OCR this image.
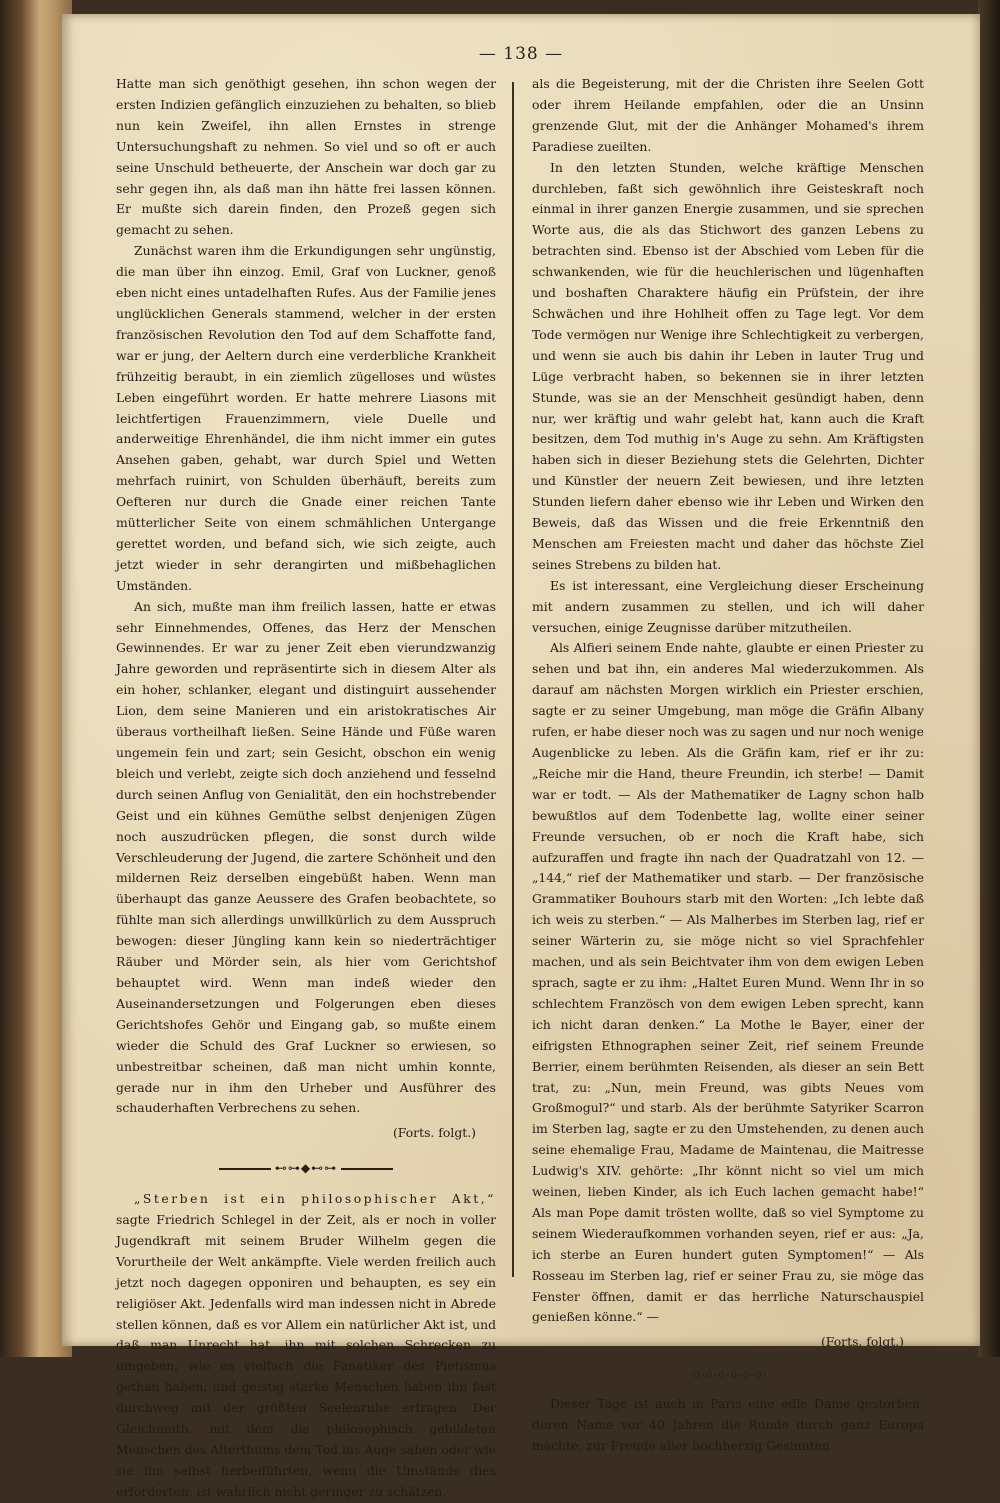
— 138 —

Hatte man sich genöthigt gesehen, ihn schon wegen der ersten Indizien gefänglich einzuziehen zu behalten, so blieb nun kein Zweifel, ihn allen Ernstes in strenge Untersuchungshaft zu nehmen. So viel und so oft er auch seine Unschuld betheuerte, der Anschein war doch gar zu sehr gegen ihn, als daß man ihn hätte frei lassen können. Er mußte sich darein finden, den Prozeß gegen sich gemacht zu sehen.

Zunächst waren ihm die Erkundigungen sehr ungünstig, die man über ihn einzog. Emil, Graf von Luckner, genoß eben nicht eines untadelhaften Rufes. Aus der Familie jenes unglücklichen Generals stammend, welcher in der ersten französischen Revolution den Tod auf dem Schaffotte fand, war er jung, der Aeltern durch eine verderbliche Krankheit frühzeitig beraubt, in ein ziemlich zügelloses und wüstes Leben eingeführt worden. Er hatte mehrere Liasons mit leichtfertigen Frauenzimmern, viele Duelle und anderweitige Ehrenhändel, die ihm nicht immer ein gutes Ansehen gaben, gehabt, war durch Spiel und Wetten mehrfach ruinirt, von Schulden überhäuft, bereits zum Oefteren nur durch die Gnade einer reichen Tante mütterlicher Seite von einem schmählichen Untergange gerettet worden, und befand sich, wie sich zeigte, auch jetzt wieder in sehr derangirten und mißbehaglichen Umständen.

An sich, mußte man ihm freilich lassen, hatte er etwas sehr Einnehmendes, Offenes, das Herz der Menschen Gewinnendes. Er war zu jener Zeit eben vierundzwanzig Jahre geworden und repräsentirte sich in diesem Alter als ein hoher, schlanker, elegant und distinguirt aussehender Lion, dem seine Manieren und ein aristokratisches Air überaus vortheilhaft ließen. Seine Hände und Füße waren ungemein fein und zart; sein Gesicht, obschon ein wenig bleich und verlebt, zeigte sich doch anziehend und fesselnd durch seinen Anflug von Genialität, den ein hochstrebender Geist und ein kühnes Gemüthe selbst denjenigen Zügen noch auszudrücken pflegen, die sonst durch wilde Verschleuderung der Jugend, die zartere Schönheit und den mildernen Reiz derselben eingebüßt haben. Wenn man überhaupt das ganze Aeussere des Grafen beobachtete, so fühlte man sich allerdings unwillkürlich zu dem Ausspruch bewogen: dieser Jüngling kann kein so niederträchtiger Räuber und Mörder sein, als hier vom Gerichtshof behauptet wird. Wenn man indeß wieder den Auseinandersetzungen und Folgerungen eben dieses Gerichtshofes Gehör und Eingang gab, so mußte einem wieder die Schuld des Graf Luckner so erwiesen, so unbestreitbar scheinen, daß man nicht umhin konnte, gerade nur in ihm den Urheber und Ausführer des schauderhaften Verbrechens zu sehen.

(Forts. folgt.)

⊷⊶◆⊷⊶

„Sterben ist ein philosophischer Akt,“ sagte Friedrich Schlegel in der Zeit, als er noch in voller Jugendkraft mit seinem Bruder Wilhelm gegen die Vorurtheile der Welt ankämpfte. Viele werden freilich auch jetzt noch dagegen opponiren und behaupten, es sey ein religiöser Akt. Jedenfalls wird man indessen nicht in Abrede stellen können, daß es vor Allem ein natürlicher Akt ist, und daß man Unrecht hat, ihn mit solchen Schrecken zu umgeben, wie es vielfach die Fanatiker des Pietismus gethan haben, und geistig starke Menschen haben ihn fast durchweg mit der größten Seelenruhe ertragen. Der Gleichmuth, mit dem die philosophisch gebildeten Menschen des Alterthums dem Tod ins Auge sahen oder wie sie ihn selbst herbeiführten, wenn die Umstände dies erforderten, ist wahrlich nicht geringer zu schätzen,

als die Begeisterung, mit der die Christen ihre Seelen Gott oder ihrem Heilande empfahlen, oder die an Unsinn grenzende Glut, mit der die Anhänger Mohamed's ihrem Paradiese zueilten.

In den letzten Stunden, welche kräftige Menschen durchleben, faßt sich gewöhnlich ihre Geisteskraft noch einmal in ihrer ganzen Energie zusammen, und sie sprechen Worte aus, die als das Stichwort des ganzen Lebens zu betrachten sind. Ebenso ist der Abschied vom Leben für die schwankenden, wie für die heuchlerischen und lügenhaften und boshaften Charaktere häufig ein Prüfstein, der ihre Schwächen und ihre Hohlheit offen zu Tage legt. Vor dem Tode vermögen nur Wenige ihre Schlechtigkeit zu verbergen, und wenn sie auch bis dahin ihr Leben in lauter Trug und Lüge verbracht haben, so bekennen sie in ihrer letzten Stunde, was sie an der Menschheit gesündigt haben, denn nur, wer kräftig und wahr gelebt hat, kann auch die Kraft besitzen, dem Tod muthig in's Auge zu sehn. Am Kräftigsten haben sich in dieser Beziehung stets die Gelehrten, Dichter und Künstler der neuern Zeit bewiesen, und ihre letzten Stunden liefern daher ebenso wie ihr Leben und Wirken den Beweis, daß das Wissen und die freie Erkenntniß den Menschen am Freiesten macht und daher das höchste Ziel seines Strebens zu bilden hat.

Es ist interessant, eine Vergleichung dieser Erscheinung mit andern zusammen zu stellen, und ich will daher versuchen, einige Zeugnisse darüber mitzutheilen.

Als Alfieri seinem Ende nahte, glaubte er einen Priester zu sehen und bat ihn, ein anderes Mal wiederzukommen. Als darauf am nächsten Morgen wirklich ein Priester erschien, sagte er zu seiner Umgebung, man möge die Gräfin Albany rufen, er habe dieser noch was zu sagen und nur noch wenige Augenblicke zu leben. Als die Gräfin kam, rief er ihr zu: „Reiche mir die Hand, theure Freundin, ich sterbe! — Damit war er todt. — Als der Mathematiker de Lagny schon halb bewußtlos auf dem Todenbette lag, wollte einer seiner Freunde versuchen, ob er noch die Kraft habe, sich aufzuraffen und fragte ihn nach der Quadratzahl von 12. — „144,“ rief der Mathematiker und starb. — Der französische Grammatiker Bouhours starb mit den Worten: „Ich lebte daß ich weis zu sterben.“ — Als Malherbes im Sterben lag, rief er seiner Wärterin zu, sie möge nicht so viel Sprachfehler machen, und als sein Beichtvater ihm von dem ewigen Leben sprach, sagte er zu ihm: „Haltet Euren Mund. Wenn Ihr in so schlechtem Französch von dem ewigen Leben sprecht, kann ich nicht daran denken.“ La Mothe le Bayer, einer der eifrigsten Ethnographen seiner Zeit, rief seinem Freunde Berrier, einem berühmten Reisenden, als dieser an sein Bett trat, zu: „Nun, mein Freund, was gibts Neues vom Großmogul?“ und starb. Als der berühmte Satyriker Scarron im Sterben lag, sagte er zu den Umstehenden, zu denen auch seine ehemalige Frau, Madame de Maintenau, die Maitresse Ludwig's XIV. gehörte: „Ihr könnt nicht so viel um mich weinen, lieben Kinder, als ich Euch lachen gemacht habe!“ Als man Pope damit trösten wollte, daß so viel Symptome zu seinem Wiederaufkommen vorhanden seyen, rief er aus: „Ja, ich sterbe an Euren hundert guten Symptomen!“ — Als Rosseau im Sterben lag, rief er seiner Frau zu, sie möge das Fenster öffnen, damit er das herrliche Naturschauspiel genießen könne.“ —

(Forts. folgt.)

-o-o-o-o-o-o-

Dieser Tage ist auch in Paris eine edle Dame gestorben, deren Name vor 40 Jahren die Runde durch ganz Europa machte, zur Freude aller hochherzig Gesinnten
